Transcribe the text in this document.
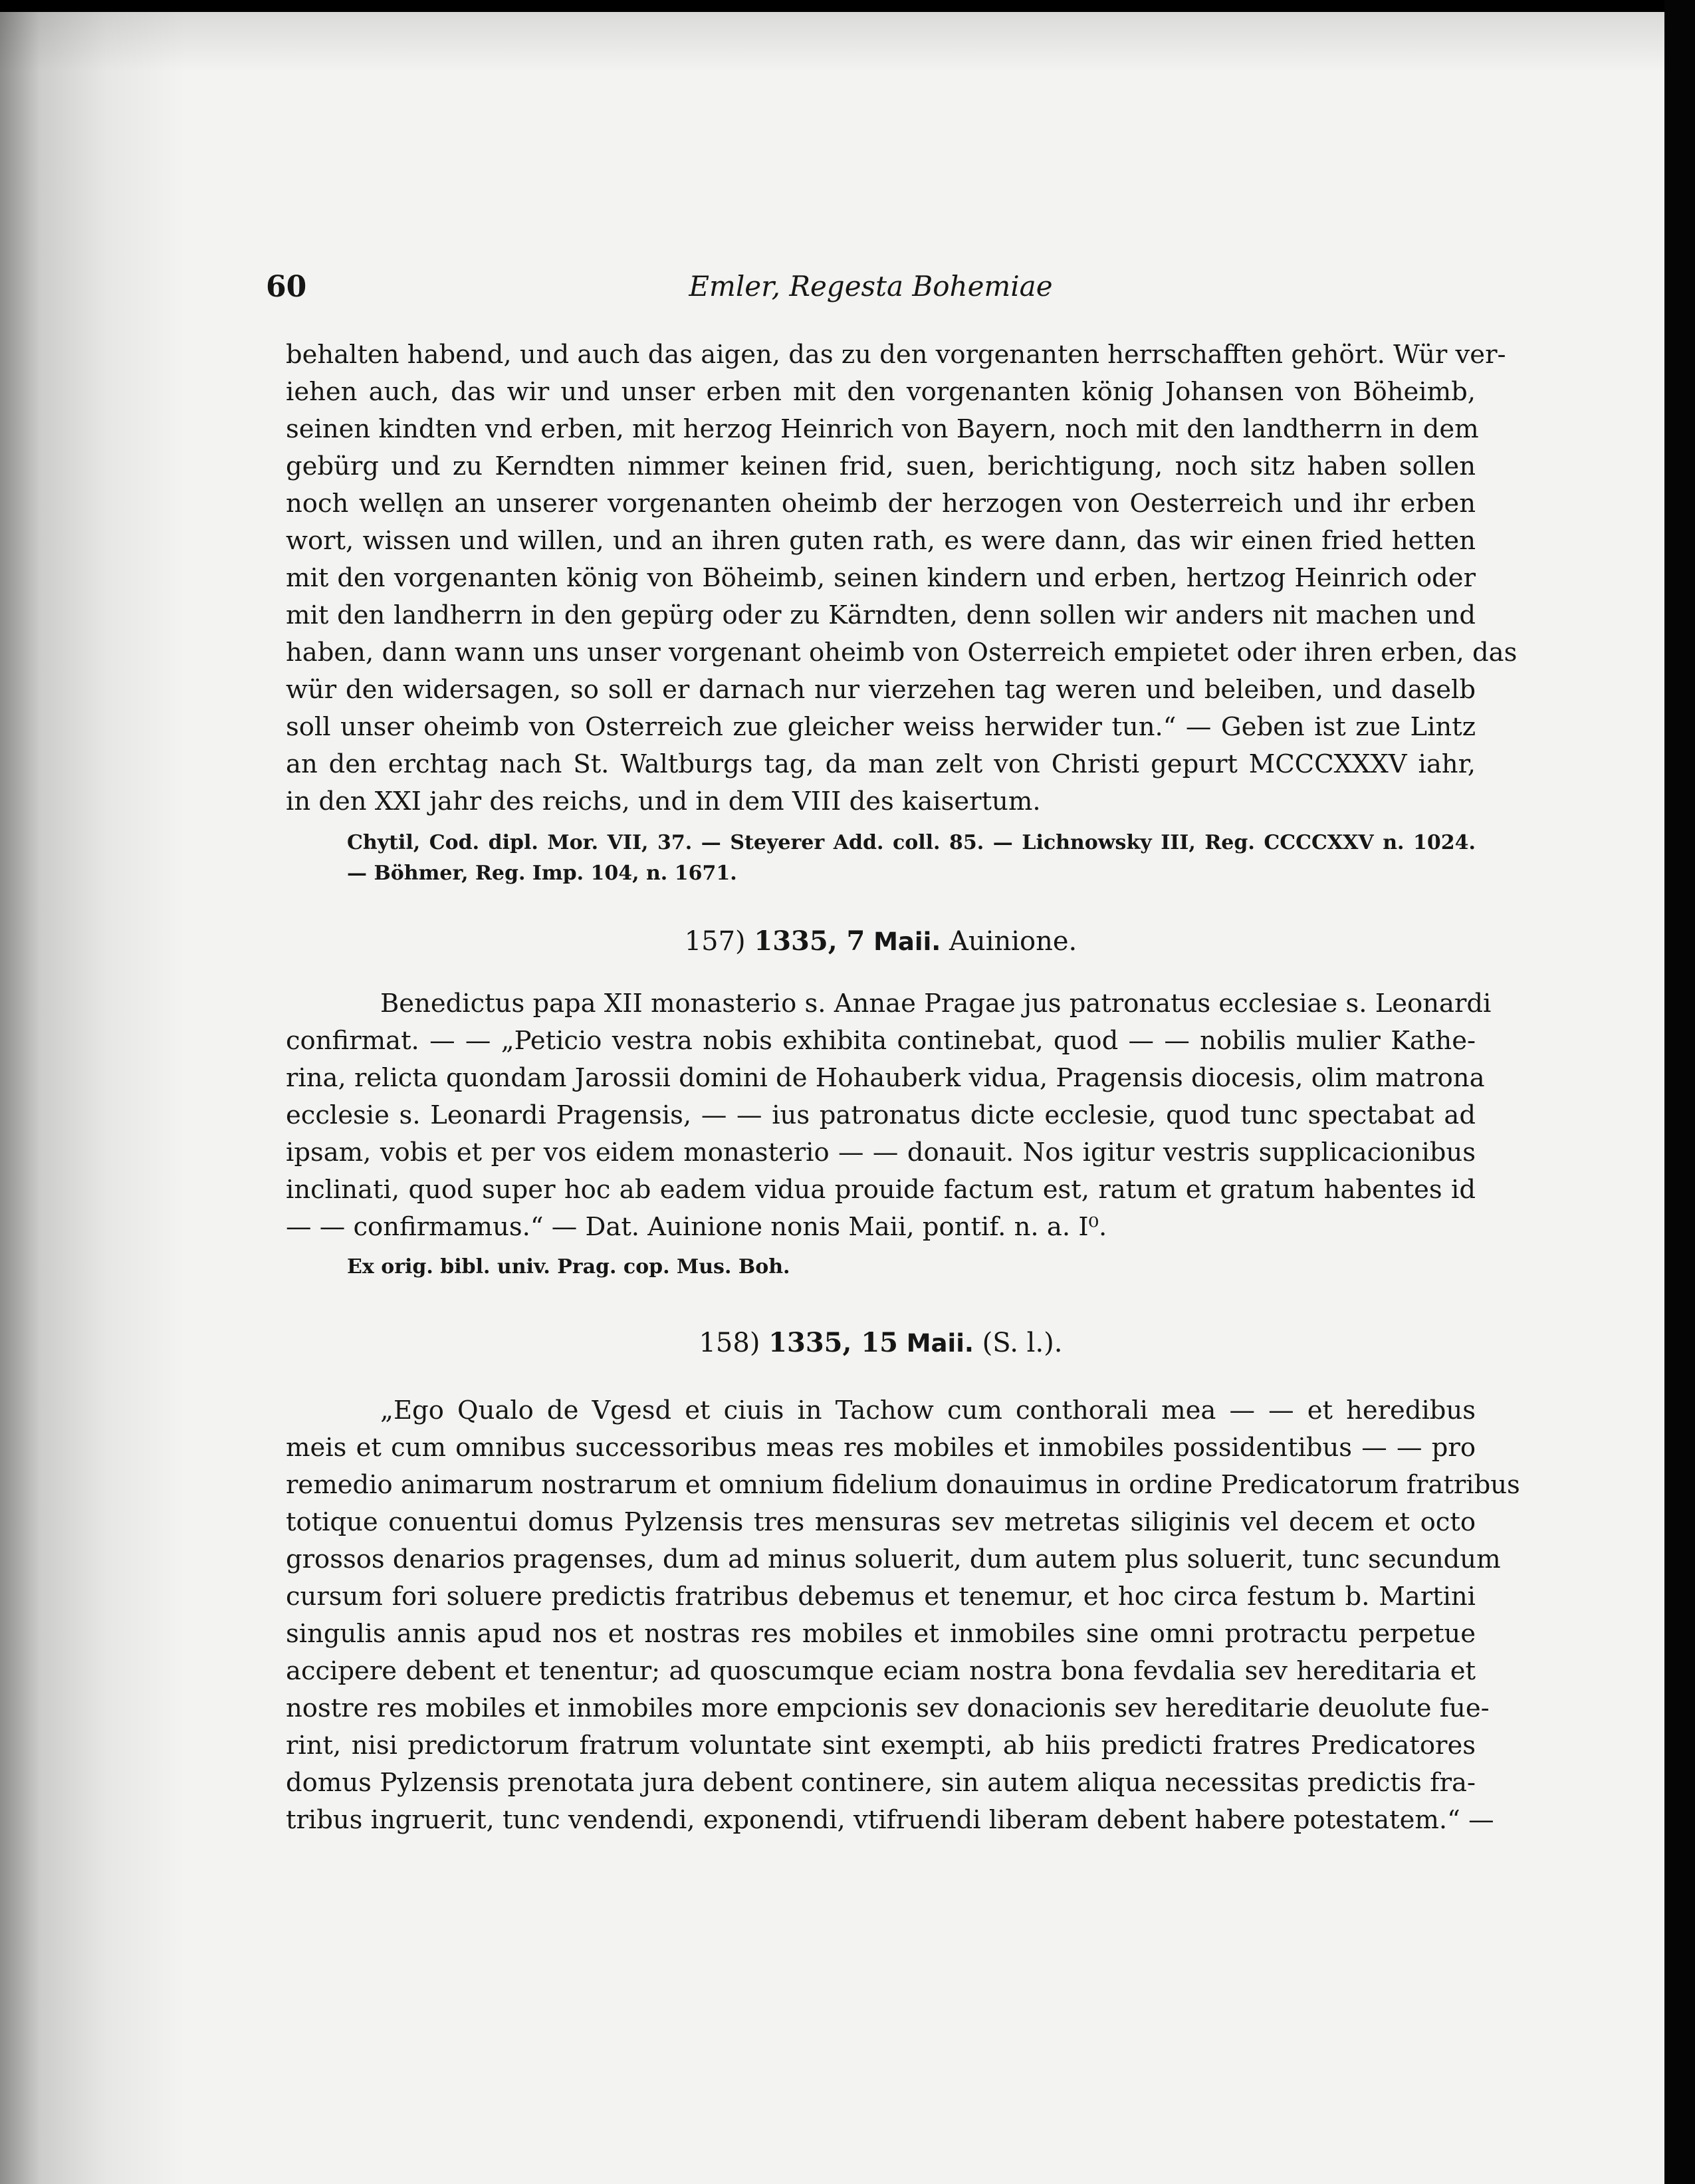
60	Emler, Regesta Bohemiae
behalten habend, und auch das aigen, das zu den vorgenanten herrschafften gehört. Wür ver-
iehen auch, das wir und unser erben mit den vorgenanten könig Johansen von Böheimb,
seinen kindten vnd erben, mit herzog Heinrich von Bayern, noch mit den landtherrn in dem
gebürg und zu Kerndten nimmer keinen frid, suen, berichtigung, noch sitz haben sollen
noch wellęn an unserer vorgenanten oheimb der herzogen von Oesterreich und ihr erben
wort, wissen und willen, und an ihren guten rath, es were dann, das wir einen fried hetten
mit den vorgenanten könig von Böheimb, seinen kindern und erben, hertzog Heinrich oder
mit den landherrn in den gepürg oder zu Kärndten, denn sollen wir anders nit machen und
haben, dann wann uns unser vorgenant oheimb von Osterreich empietet oder ihren erben, das
wür den widersagen, so soll er darnach nur vierzehen tag weren und beleiben, und daselb
soll unser oheimb von Osterreich zue gleicher weiss herwider tun.“ — Geben ist zue Lintz
an den erchtag nach St. Waltburgs tag, da man zelt von Christi gepurt MCCCXXXV iahr,
in den XXI jahr des reichs, und in dem VIII des kaisertum.
Chytil, Cod. dipl. Mor. VII, 37. — Steyerer Add. coll. 85. — Lichnowsky III, Reg. CCCCXXV n. 1024.
— Böhmer, Reg. Imp. 104, n. 1671.
157) 1335, 7 Maii. Auinione.
Benedictus papa XII monasterio s. Annae Pragae jus patronatus ecclesiae s. Leonardi
confirmat. — — „Peticio vestra nobis exhibita continebat, quod — — nobilis mulier Kathe-
rina, relicta quondam Jarossii domini de Hohauberk vidua, Pragensis diocesis, olim matrona
ecclesie s. Leonardi Pragensis, — — ius patronatus dicte ecclesie, quod tunc spectabat ad
ipsam, vobis et per vos eidem monasterio — — donauit. Nos igitur vestris supplicacionibus
inclinati, quod super hoc ab eadem vidua prouide factum est, ratum et gratum habentes id
— — confirmamus.“ — Dat. Auinione nonis Maii, pontif. n. a. I⁰.
Ex orig. bibl. univ. Prag. cop. Mus. Boh.
158) 1335, 15 Maii. (S. l.).
„Ego Qualo de Vgesd et ciuis in Tachow cum conthorali mea — — et heredibus
meis et cum omnibus successoribus meas res mobiles et inmobiles possidentibus — — pro
remedio animarum nostrarum et omnium fidelium donauimus in ordine Predicatorum fratribus
totique conuentui domus Pylzensis tres mensuras sev metretas siliginis vel decem et octo
grossos denarios pragenses, dum ad minus soluerit, dum autem plus soluerit, tunc secundum
cursum fori soluere predictis fratribus debemus et tenemur, et hoc circa festum b. Martini
singulis annis apud nos et nostras res mobiles et inmobiles sine omni protractu perpetue
accipere debent et tenentur; ad quoscumque eciam nostra bona fevdalia sev hereditaria et
nostre res mobiles et inmobiles more empcionis sev donacionis sev hereditarie deuolute fue-
rint, nisi predictorum fratrum voluntate sint exempti, ab hiis predicti fratres Predicatores
domus Pylzensis prenotata jura debent continere, sin autem aliqua necessitas predictis fra-
tribus ingruerit, tunc vendendi, exponendi, vtifruendi liberam debent habere potestatem.“ —
